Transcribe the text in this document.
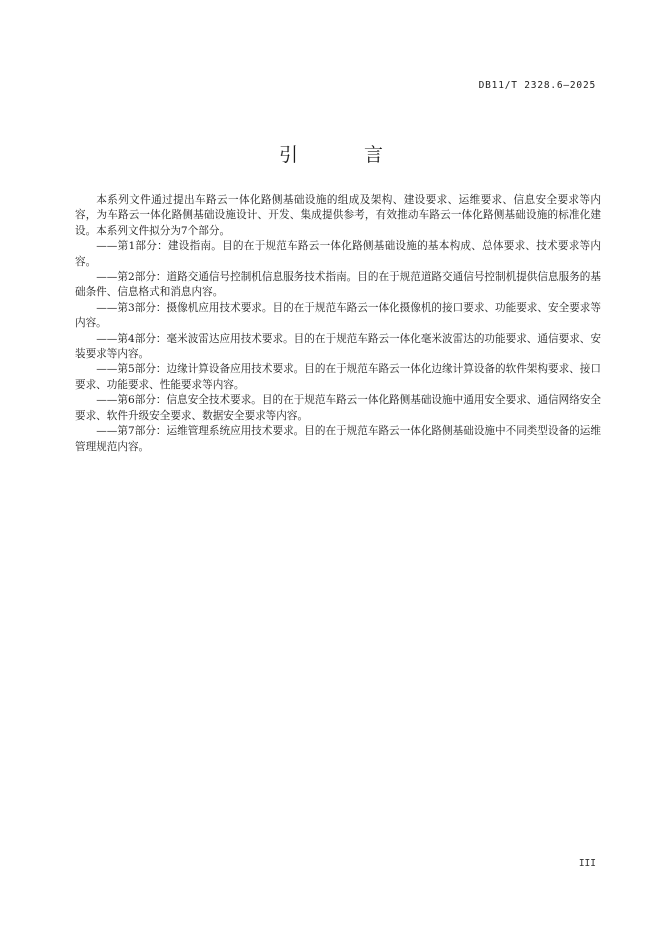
DB11/T 2328.6—2025
引 言

本系列文件通过提出车路云一体化路侧基础设施的组成及架构、建设要求、运维要求、信息安全要求等内容，为车路云一体化路侧基础设施设计、开发、集成提供参考，有效推动车路云一体化路侧基础设施的标准化建设。本系列文件拟分为7个部分。

——第1部分：建设指南。目的在于规范车路云一体化路侧基础设施的基本构成、总体要求、技术要求等内容。

——第2部分：道路交通信号控制机信息服务技术指南。目的在于规范道路交通信号控制机提供信息服务的基础条件、信息格式和消息内容。

——第3部分：摄像机应用技术要求。目的在于规范车路云一体化摄像机的接口要求、功能要求、安全要求等内容。

——第4部分：毫米波雷达应用技术要求。目的在于规范车路云一体化毫米波雷达的功能要求、通信要求、安装要求等内容。

——第5部分：边缘计算设备应用技术要求。目的在于规范车路云一体化边缘计算设备的软件架构要求、接口要求、功能要求、性能要求等内容。

——第6部分：信息安全技术要求。目的在于规范车路云一体化路侧基础设施中通用安全要求、通信网络安全要求、软件升级安全要求、数据安全要求等内容。

——第7部分：运维管理系统应用技术要求。目的在于规范车路云一体化路侧基础设施中不同类型设备的运维管理规范内容。

III
